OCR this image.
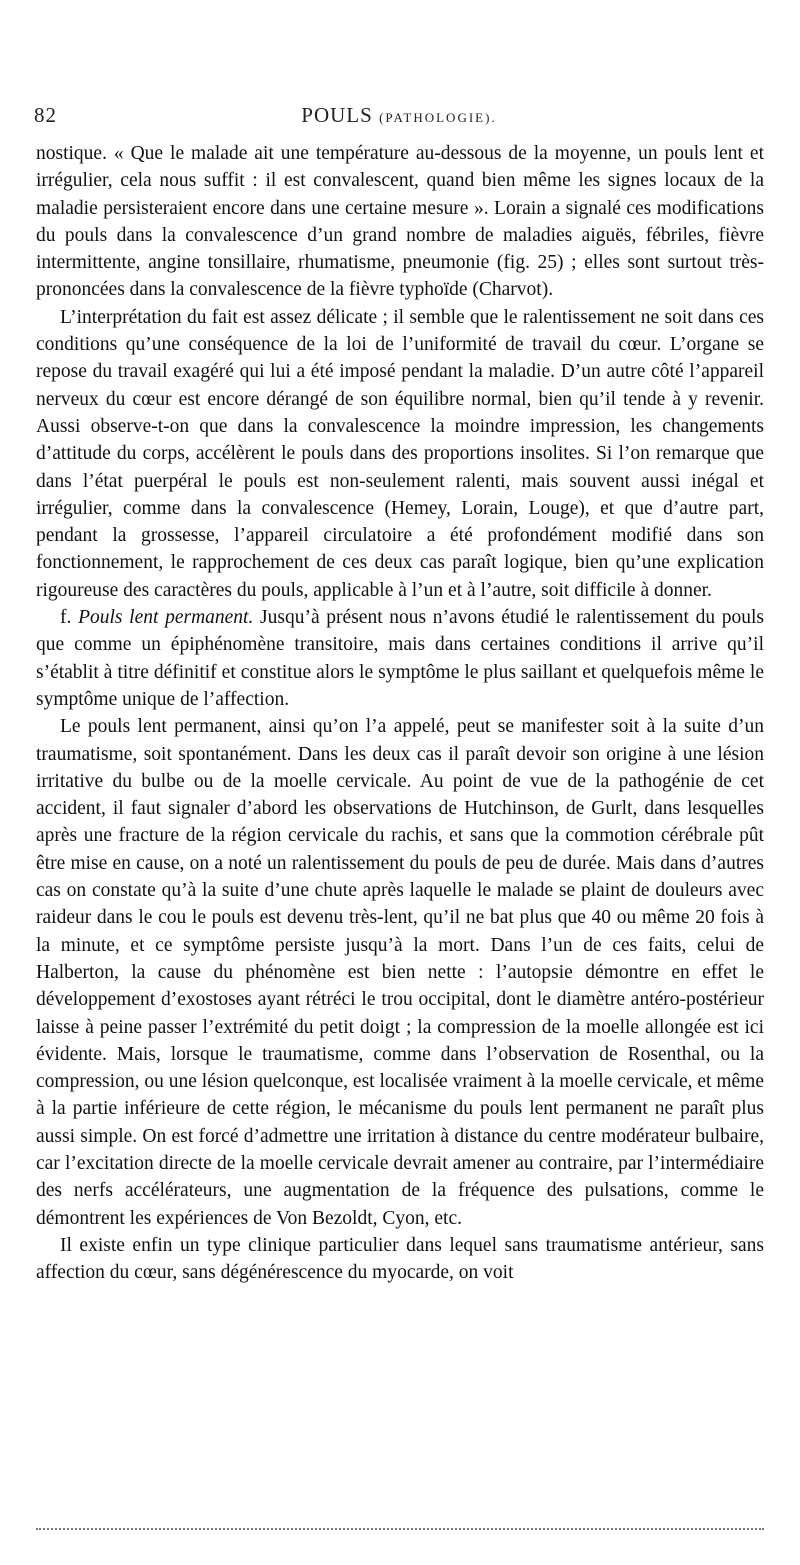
82	POULS (PATHOLOGIE).

nostique. « Que le malade ait une température au-dessous de la moyenne, un pouls lent et irrégulier, cela nous suffit : il est convalescent, quand bien même les signes locaux de la maladie persisteraient encore dans une certaine mesure ». Lorain a signalé ces modifications du pouls dans la convalescence d’un grand nombre de maladies aiguës, fébriles, fièvre intermittente, angine tonsillaire, rhumatisme, pneumonie (fig. 25) ; elles sont surtout très-prononcées dans la convalescence de la fièvre typhoïde (Charvot).

L’interprétation du fait est assez délicate ; il semble que le ralentissement ne soit dans ces conditions qu’une conséquence de la loi de l’uniformité de travail du cœur. L’organe se repose du travail exagéré qui lui a été imposé pendant la maladie. D’un autre côté l’appareil nerveux du cœur est encore dérangé de son équilibre normal, bien qu’il tende à y revenir. Aussi observe-t-on que dans la convalescence la moindre impression, les changements d’attitude du corps, accélèrent le pouls dans des proportions insolites. Si l’on remarque que dans l’état puerpéral le pouls est non-seulement ralenti, mais souvent aussi inégal et irrégulier, comme dans la convalescence (Hemey, Lorain, Louge), et que d’autre part, pendant la grossesse, l’appareil circulatoire a été profondément modifié dans son fonctionnement, le rapprochement de ces deux cas paraît logique, bien qu’une explication rigoureuse des caractères du pouls, applicable à l’un et à l’autre, soit difficile à donner.

f. Pouls lent permanent. Jusqu’à présent nous n’avons étudié le ralentissement du pouls que comme un épiphénomène transitoire, mais dans certaines conditions il arrive qu’il s’établit à titre définitif et constitue alors le symptôme le plus saillant et quelquefois même le symptôme unique de l’affection.

Le pouls lent permanent, ainsi qu’on l’a appelé, peut se manifester soit à la suite d’un traumatisme, soit spontanément. Dans les deux cas il paraît devoir son origine à une lésion irritative du bulbe ou de la moelle cervicale. Au point de vue de la pathogénie de cet accident, il faut signaler d’abord les observations de Hutchinson, de Gurlt, dans lesquelles après une fracture de la région cervicale du rachis, et sans que la commotion cérébrale pût être mise en cause, on a noté un ralentissement du pouls de peu de durée. Mais dans d’autres cas on constate qu’à la suite d’une chute après laquelle le malade se plaint de douleurs avec raideur dans le cou le pouls est devenu très-lent, qu’il ne bat plus que 40 ou même 20 fois à la minute, et ce symptôme persiste jusqu’à la mort. Dans l’un de ces faits, celui de Halberton, la cause du phénomène est bien nette : l’autopsie démontre en effet le développement d’exostoses ayant rétréci le trou occipital, dont le diamètre antéro-postérieur laisse à peine passer l’extrémité du petit doigt ; la compression de la moelle allongée est ici évidente. Mais, lorsque le traumatisme, comme dans l’observation de Rosenthal, ou la compression, ou une lésion quelconque, est localisée vraiment à la moelle cervicale, et même à la partie inférieure de cette région, le mécanisme du pouls lent permanent ne paraît plus aussi simple. On est forcé d’admettre une irritation à distance du centre modérateur bulbaire, car l’excitation directe de la moelle cervicale devrait amener au contraire, par l’intermédiaire des nerfs accélérateurs, une augmentation de la fréquence des pulsations, comme le démontrent les expériences de Von Bezoldt, Cyon, etc.

Il existe enfin un type clinique particulier dans lequel sans traumatisme antérieur, sans affection du cœur, sans dégénérescence du myocarde, on voit
